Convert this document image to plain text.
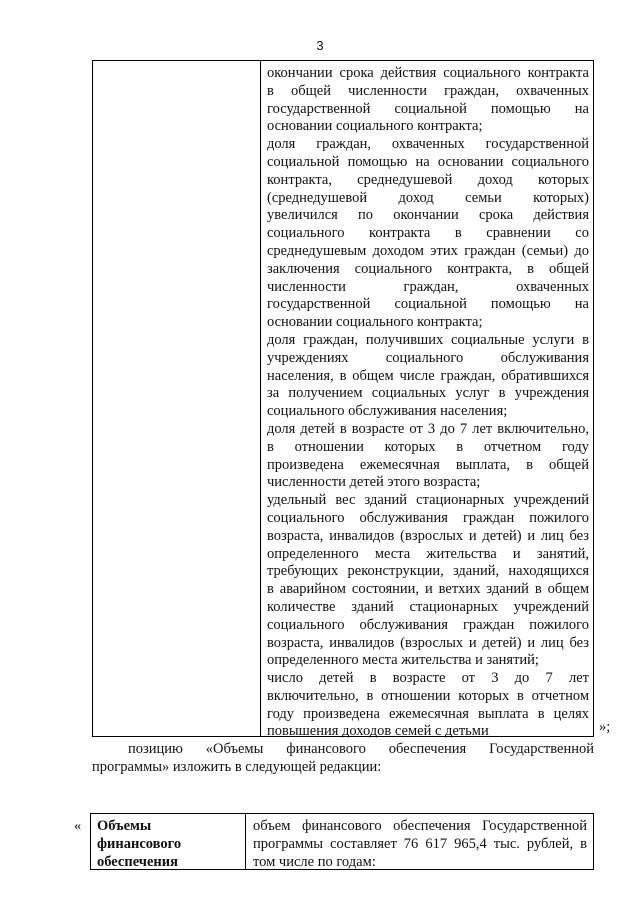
3
окончании срока действия социального контракта
в общей численности граждан, охваченных
государственной социальной помощью на
основании социального контракта;
доля граждан, охваченных государственной
социальной помощью на основании социального
контракта, среднедушевой доход которых
(среднедушевой доход семьи которых)
увеличился по окончании срока действия
социального контракта в сравнении со
среднедушевым доходом этих граждан (семьи) до
заключения социального контракта, в общей
численности граждан, охваченных
государственной социальной помощью на
основании социального контракта;
доля граждан, получивших социальные услуги в
учреждениях социального обслуживания
населения, в общем числе граждан, обратившихся
за получением социальных услуг в учреждения
социального обслуживания населения;
доля детей в возрасте от 3 до 7 лет включительно,
в отношении которых в отчетном году
произведена ежемесячная выплата, в общей
численности детей этого возраста;
удельный вес зданий стационарных учреждений
социального обслуживания граждан пожилого
возраста, инвалидов (взрослых и детей) и лиц без
определенного места жительства и занятий,
требующих реконструкции, зданий, находящихся
в аварийном состоянии, и ветхих зданий в общем
количестве зданий стационарных учреждений
социального обслуживания граждан пожилого
возраста, инвалидов (взрослых и детей) и лиц без
определенного места жительства и занятий;
число детей в возрасте от 3 до 7 лет
включительно, в отношении которых в отчетном
году произведена ежемесячная выплата в целях
повышения доходов семей с детьми	»;
позицию «Объемы финансового обеспечения Государственной
программы» изложить в следующей редакции:
« Объемы
финансового
обеспечения
объем финансового обеспечения Государственной
программы составляет 76 617 965,4 тыс. рублей, в
том числе по годам:
